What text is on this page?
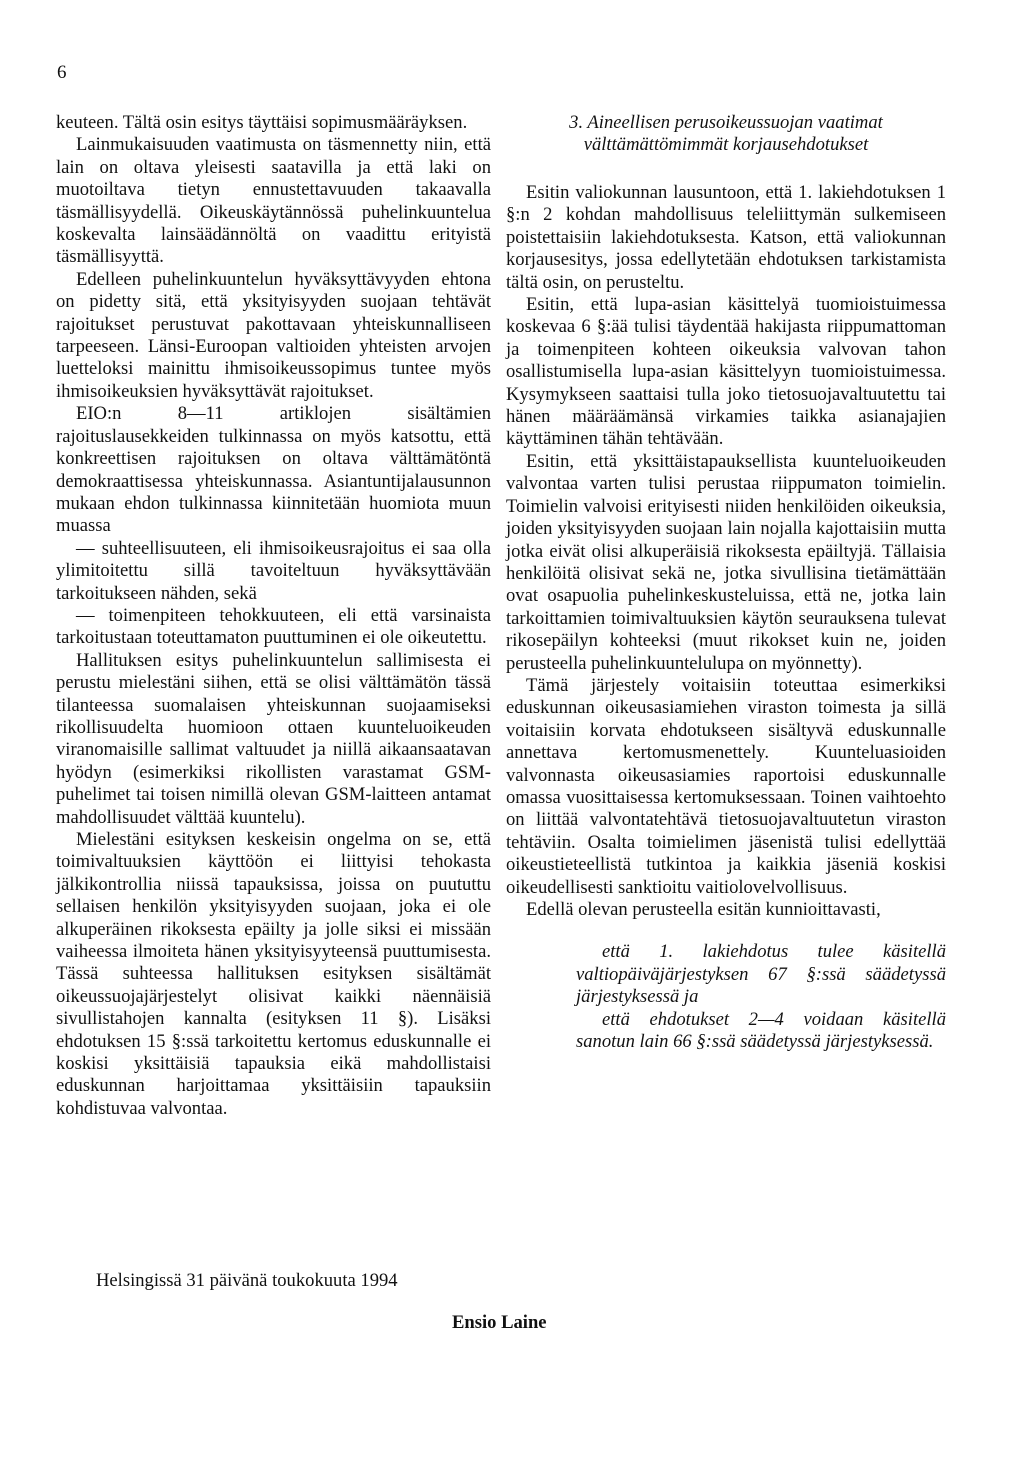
6

keuteen. Tältä osin esitys täyttäisi sopimusmääräyksen.

Lainmukaisuuden vaatimusta on täsmennetty niin, että lain on oltava yleisesti saatavilla ja että laki on muotoiltava tietyn ennustettavuuden takaavalla täsmällisyydellä. Oikeuskäytännössä puhelinkuuntelua koskevalta lainsäädännöltä on vaadittu erityistä täsmällisyyttä.

Edelleen puhelinkuuntelun hyväksyttävyyden ehtona on pidetty sitä, että yksityisyyden suojaan tehtävät rajoitukset perustuvat pakottavaan yhteiskunnalliseen tarpeeseen. Länsi-Euroopan valtioiden yhteisten arvojen luetteloksi mainittu ihmisoikeussopimus tuntee myös ihmisoikeuksien hyväksyttävät rajoitukset.

EIO:n 8—11 artiklojen sisältämien rajoituslausekkeiden tulkinnassa on myös katsottu, että konkreettisen rajoituksen on oltava välttämätöntä demokraattisessa yhteiskunnassa. Asiantuntijalausunnon mukaan ehdon tulkinnassa kiinnitetään huomiota muun muassa

— suhteellisuuteen, eli ihmisoikeusrajoitus ei saa olla ylimitoitettu sillä tavoiteltuun hyväksyttävään tarkoitukseen nähden, sekä

— toimenpiteen tehokkuuteen, eli että varsinaista tarkoitustaan toteuttamaton puuttuminen ei ole oikeutettu.

Hallituksen esitys puhelinkuuntelun sallimisesta ei perustu mielestäni siihen, että se olisi välttämätön tässä tilanteessa suomalaisen yhteiskunnan suojaamiseksi rikollisuudelta huomioon ottaen kuunteluoikeuden viranomaisille sallimat valtuudet ja niillä aikaansaatavan hyödyn (esimerkiksi rikollisten varastamat GSM-puhelimet tai toisen nimillä olevan GSM-laitteen antamat mahdollisuudet välttää kuuntelu).

Mielestäni esityksen keskeisin ongelma on se, että toimivaltuuksien käyttöön ei liittyisi tehokasta jälkikontrollia niissä tapauksissa, joissa on puututtu sellaisen henkilön yksityisyyden suojaan, joka ei ole alkuperäinen rikoksesta epäilty ja jolle siksi ei missään vaiheessa ilmoiteta hänen yksityisyyteensä puuttumisesta. Tässä suhteessa hallituksen esityksen sisältämät oikeussuojajärjestelyt olisivat kaikki näennäisiä sivullistahojen kannalta (esityksen 11 §). Lisäksi ehdotuksen 15 §:ssä tarkoitettu kertomus eduskunnalle ei koskisi yksittäisiä tapauksia eikä mahdollistaisi eduskunnan harjoittamaa yksittäisiin tapauksiin kohdistuvaa valvontaa.

3. Aineellisen perusoikeussuojan vaatimat
välttämättömimmät korjausehdotukset

Esitin valiokunnan lausuntoon, että 1. lakiehdotuksen 1 §:n 2 kohdan mahdollisuus teleliittymän sulkemiseen poistettaisiin lakiehdotuksesta. Katson, että valiokunnan korjausesitys, jossa edellytetään ehdotuksen tarkistamista tältä osin, on perusteltu.

Esitin, että lupa-asian käsittelyä tuomioistuimessa koskevaa 6 §:ää tulisi täydentää hakijasta riippumattoman ja toimenpiteen kohteen oikeuksia valvovan tahon osallistumisella lupa-asian käsittelyyn tuomioistuimessa. Kysymykseen saattaisi tulla joko tietosuojavaltuutettu tai hänen määräämänsä virkamies taikka asianajajien käyttäminen tähän tehtävään.

Esitin, että yksittäistapauksellista kuunteluoikeuden valvontaa varten tulisi perustaa riippumaton toimielin. Toimielin valvoisi erityisesti niiden henkilöiden oikeuksia, joiden yksityisyyden suojaan lain nojalla kajottaisiin mutta jotka eivät olisi alkuperäisiä rikoksesta epäiltyjä. Tällaisia henkilöitä olisivat sekä ne, jotka sivullisina tietämättään ovat osapuolia puhelinkeskusteluissa, että ne, jotka lain tarkoittamien toimivaltuuksien käytön seurauksena tulevat rikosepäilyn kohteeksi (muut rikokset kuin ne, joiden perusteella puhelinkuuntelulupa on myönnetty).

Tämä järjestely voitaisiin toteuttaa esimerkiksi eduskunnan oikeusasiamiehen viraston toimesta ja sillä voitaisiin korvata ehdotukseen sisältyvä eduskunnalle annettava kertomusmenettely. Kuunteluasioiden valvonnasta oikeusasiamies raportoisi eduskunnalle omassa vuosittaisessa kertomuksessaan. Toinen vaihtoehto on liittää valvontatehtävä tietosuojavaltuutetun viraston tehtäviin. Osalta toimielimen jäsenistä tulisi edellyttää oikeustieteellistä tutkintoa ja kaikkia jäseniä koskisi oikeudellisesti sanktioitu vaitiolovelvollisuus.

Edellä olevan perusteella esitän kunnioittavasti,

että 1. lakiehdotus tulee käsitellä valtiopäiväjärjestyksen 67 §:ssä säädetyssä järjestyksessä ja

että ehdotukset 2—4 voidaan käsitellä sanotun lain 66 §:ssä säädetyssä järjestyksessä.

Helsingissä 31 päivänä toukokuuta 1994
Ensio Laine
